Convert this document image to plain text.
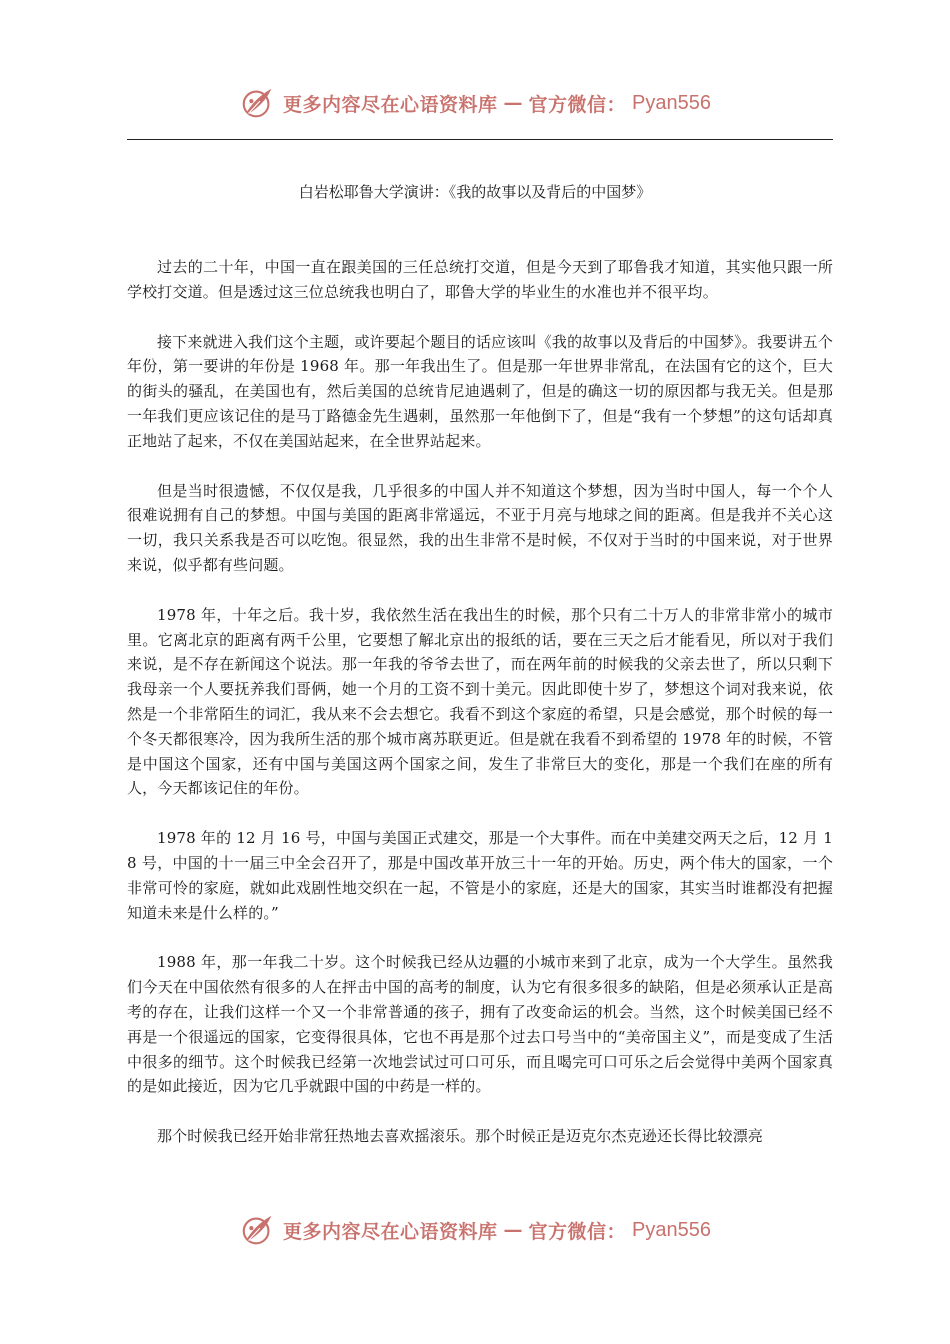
更多内容尽在心语资料库 — 官方微信： Pyan556
白岩松耶鲁大学演讲：《我的故事以及背后的中国梦》

过去的二十年，中国一直在跟美国的三任总统打交道，但是今天到了耶鲁我才知道，其实他只跟一所学校打交道。但是透过这三位总统我也明白了，耶鲁大学的毕业生的水准也并不很平均。

接下来就进入我们这个主题，或许要起个题目的话应该叫《我的故事以及背后的中国梦》。我要讲五个年份，第一要讲的年份是 1968 年。那一年我出生了。但是那一年世界非常乱，在法国有它的这个，巨大的街头的骚乱，在美国也有，然后美国的总统肯尼迪遇刺了，但是的确这一切的原因都与我无关。但是那一年我们更应该记住的是马丁路德金先生遇刺，虽然那一年他倒下了，但是“我有一个梦想”的这句话却真正地站了起来，不仅在美国站起来，在全世界站起来。

但是当时很遗憾，不仅仅是我，几乎很多的中国人并不知道这个梦想，因为当时中国人，每一个个人很难说拥有自己的梦想。中国与美国的距离非常遥远，不亚于月亮与地球之间的距离。但是我并不关心这一切，我只关系我是否可以吃饱。很显然，我的出生非常不是时候，不仅对于当时的中国来说，对于世界来说，似乎都有些问题。

1978 年，十年之后。我十岁，我依然生活在我出生的时候，那个只有二十万人的非常非常小的城市里。它离北京的距离有两千公里，它要想了解北京出的报纸的话，要在三天之后才能看见，所以对于我们来说，是不存在新闻这个说法。那一年我的爷爷去世了，而在两年前的时候我的父亲去世了，所以只剩下我母亲一个人要抚养我们哥俩，她一个月的工资不到十美元。因此即使十岁了，梦想这个词对我来说，依然是一个非常陌生的词汇，我从来不会去想它。我看不到这个家庭的希望，只是会感觉，那个时候的每一个冬天都很寒冷，因为我所生活的那个城市离苏联更近。但是就在我看不到希望的 1978 年的时候，不管是中国这个国家，还有中国与美国这两个国家之间，发生了非常巨大的变化，那是一个我们在座的所有人，今天都该记住的年份。

1978 年的 12 月 16 号，中国与美国正式建交，那是一个大事件。而在中美建交两天之后，12 月 18 号，中国的十一届三中全会召开了，那是中国改革开放三十一年的开始。历史，两个伟大的国家，一个非常可怜的家庭，就如此戏剧性地交织在一起，不管是小的家庭，还是大的国家，其实当时谁都没有把握知道未来是什么样的。”

1988 年，那一年我二十岁。这个时候我已经从边疆的小城市来到了北京，成为一个大学生。虽然我们今天在中国依然有很多的人在抨击中国的高考的制度，认为它有很多很多的缺陷，但是必须承认正是高考的存在，让我们这样一个又一个非常普通的孩子，拥有了改变命运的机会。当然，这个时候美国已经不再是一个很遥远的国家，它变得很具体，它也不再是那个过去口号当中的“美帝国主义”，而是变成了生活中很多的细节。这个时候我已经第一次地尝试过可口可乐，而且喝完可口可乐之后会觉得中美两个国家真的是如此接近，因为它几乎就跟中国的中药是一样的。

那个时候我已经开始非常狂热地去喜欢摇滚乐。那个时候正是迈克尔杰克逊还长得比较漂亮

更多内容尽在心语资料库 — 官方微信： Pyan556
